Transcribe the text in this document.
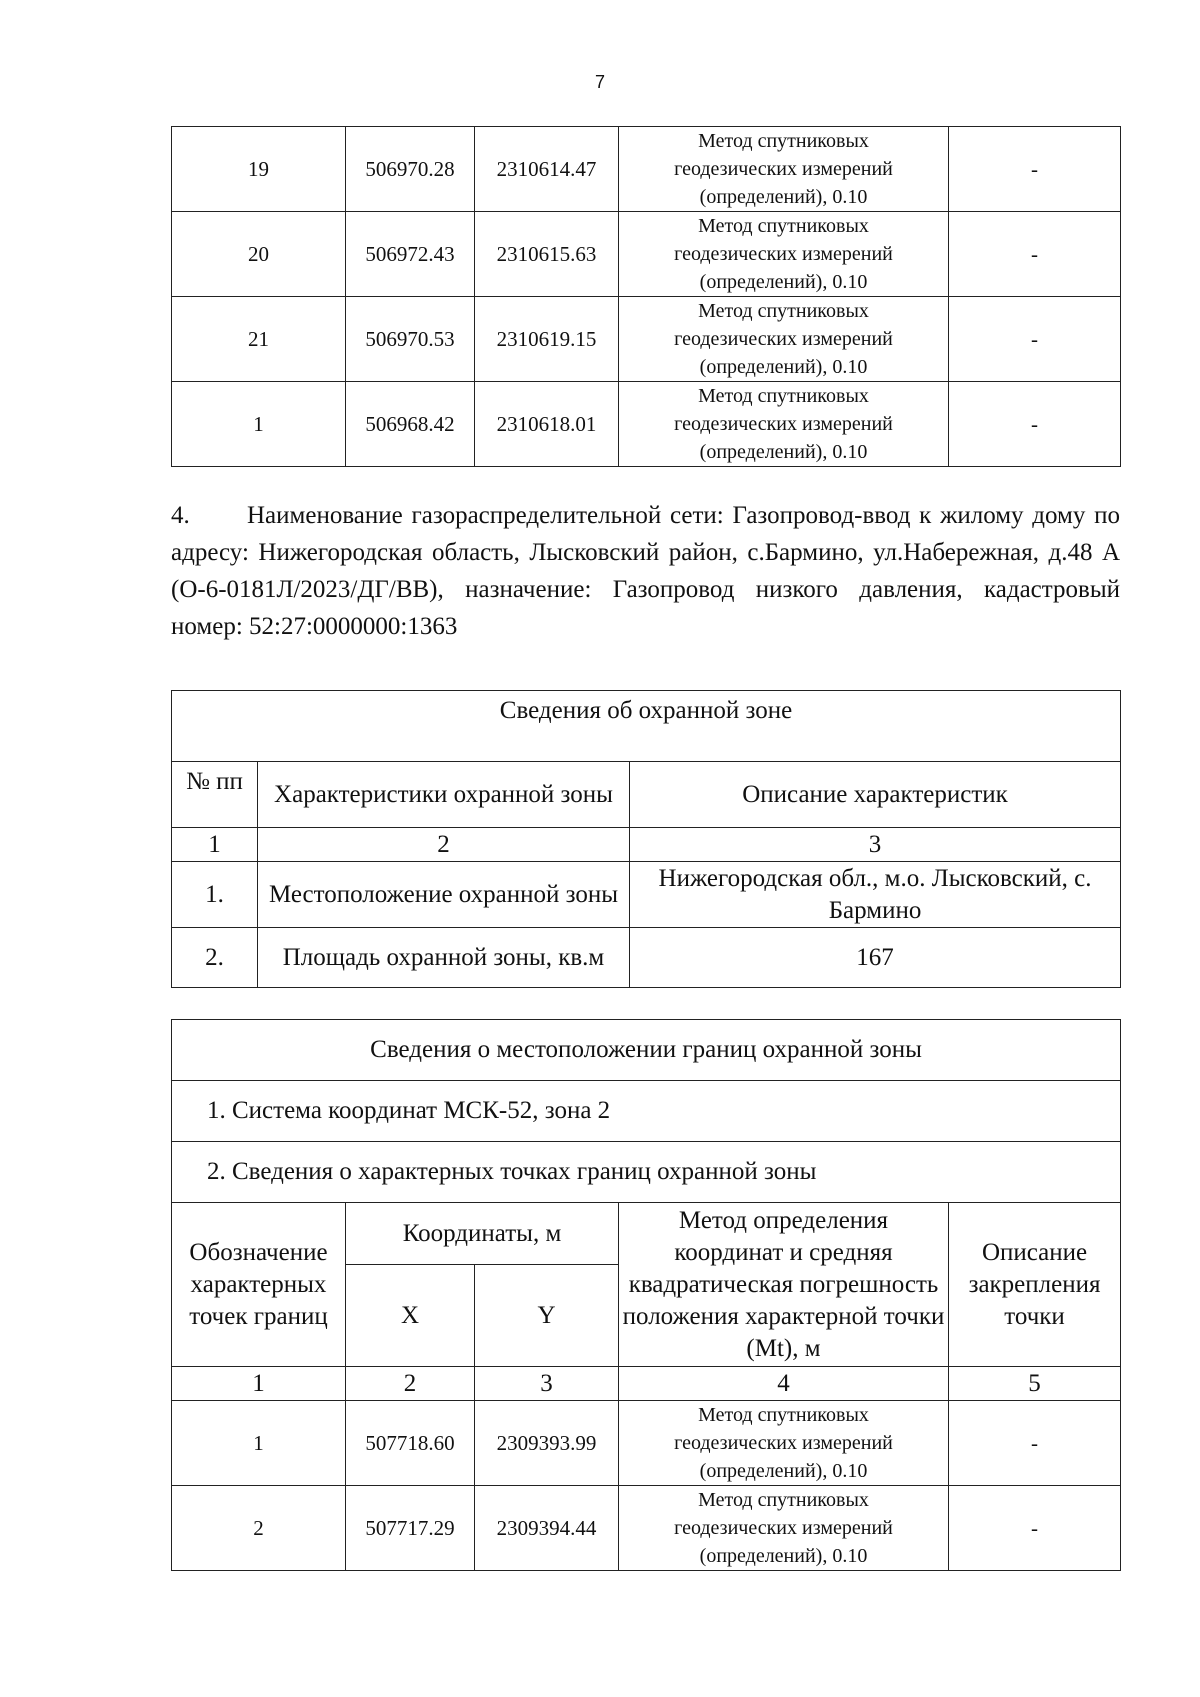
7
19	506970.28	2310614.47	Метод спутниковых
геодезических измерений
(определений), 0.10	-
20	506972.43	2310615.63	Метод спутниковых
геодезических измерений
(определений), 0.10	-
21	506970.53	2310619.15	Метод спутниковых
геодезических измерений
(определений), 0.10	-
1	506968.42	2310618.01	Метод спутниковых
геодезических измерений
(определений), 0.10	-

4. Наименование газораспределительной сети: Газопровод-ввод к жилому дому по адресу: Нижегородская область, Лысковский район, с.Бармино, ул.Набережная, д.48 А (О-6-0181Л/2023/ДГ/ВВ), назначение: Газопровод низкого давления, кадастровый номер: 52:27:0000000:1363

Сведения об охранной зоне		
№ пп	Характеристики охранной зоны	Описание характеристик
1	2	3
1.	Местоположение охранной зоны	Нижегородская обл., м.о. Лысковский, с. Бармино
2.	Площадь охранной зоны, кв.м	167
Сведения о местоположении границ охранной зоны				
1. Система координат МСК-52, зона 2				
2. Сведения о характерных точках границ охранной зоны				
Обозначение характерных точек границ	Координаты, м		Метод определения координат и средняя квадратическая погрешность положения характерной точки (Mt), м	Описание закрепления точки
	X	Y		
1	2	3	4	5
1	507718.60	2309393.99	Метод спутниковых
геодезических измерений
(определений), 0.10	-
2	507717.29	2309394.44	Метод спутниковых
геодезических измерений
(определений), 0.10	-
